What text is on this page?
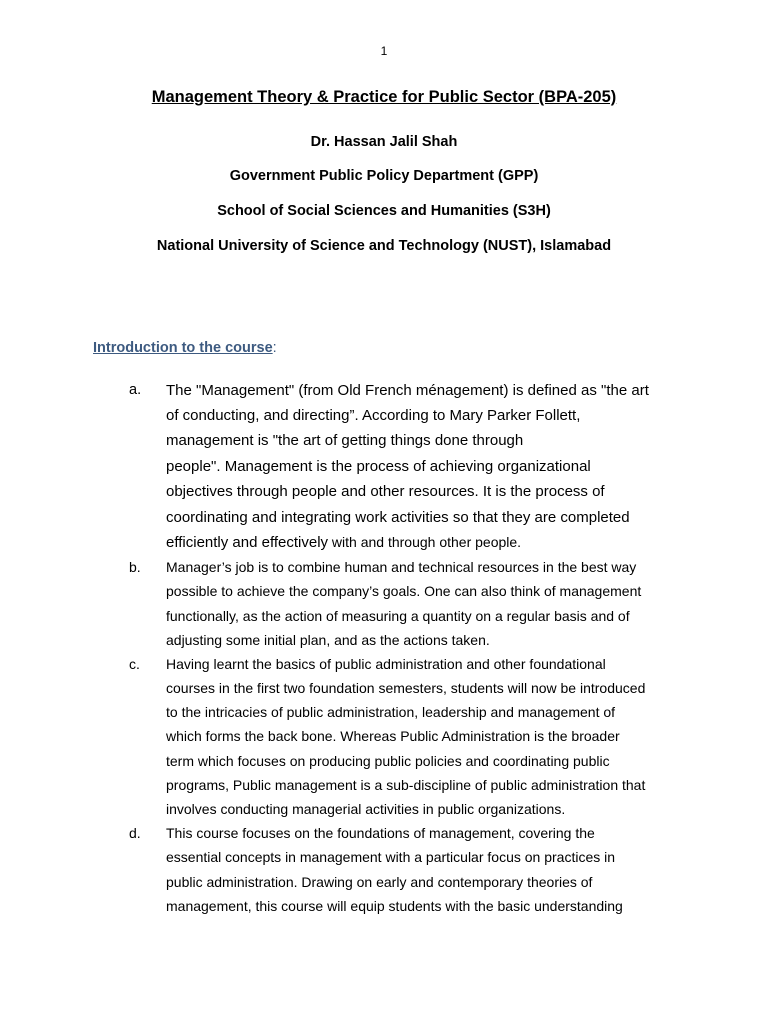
1
Management Theory & Practice for Public Sector (BPA-205)
Dr. Hassan Jalil Shah
Government Public Policy Department (GPP)
School of Social Sciences and Humanities (S3H)
National University of Science and Technology (NUST), Islamabad
Introduction to the course:
a. The "Management" (from Old French ménagement) is defined as "the art
of conducting, and directing”. According to Mary Parker Follett,
management is "the art of getting things done through
people". Management is the process of achieving organizational
objectives through people and other resources. It is the process of
coordinating and integrating work activities so that they are completed
efficiently and effectively with and through other people.
b. Manager’s job is to combine human and technical resources in the best way
possible to achieve the company’s goals. One can also think of management
functionally, as the action of measuring a quantity on a regular basis and of
adjusting some initial plan, and as the actions taken.
c. Having learnt the basics of public administration and other foundational
courses in the first two foundation semesters, students will now be introduced
to the intricacies of public administration, leadership and management of
which forms the back bone. Whereas Public Administration is the broader
term which focuses on producing public policies and coordinating public
programs, Public management is a sub-discipline of public administration that
involves conducting managerial activities in public organizations.
d. This course focuses on the foundations of management, covering the
essential concepts in management with a particular focus on practices in
public administration. Drawing on early and contemporary theories of
management, this course will equip students with the basic understanding
